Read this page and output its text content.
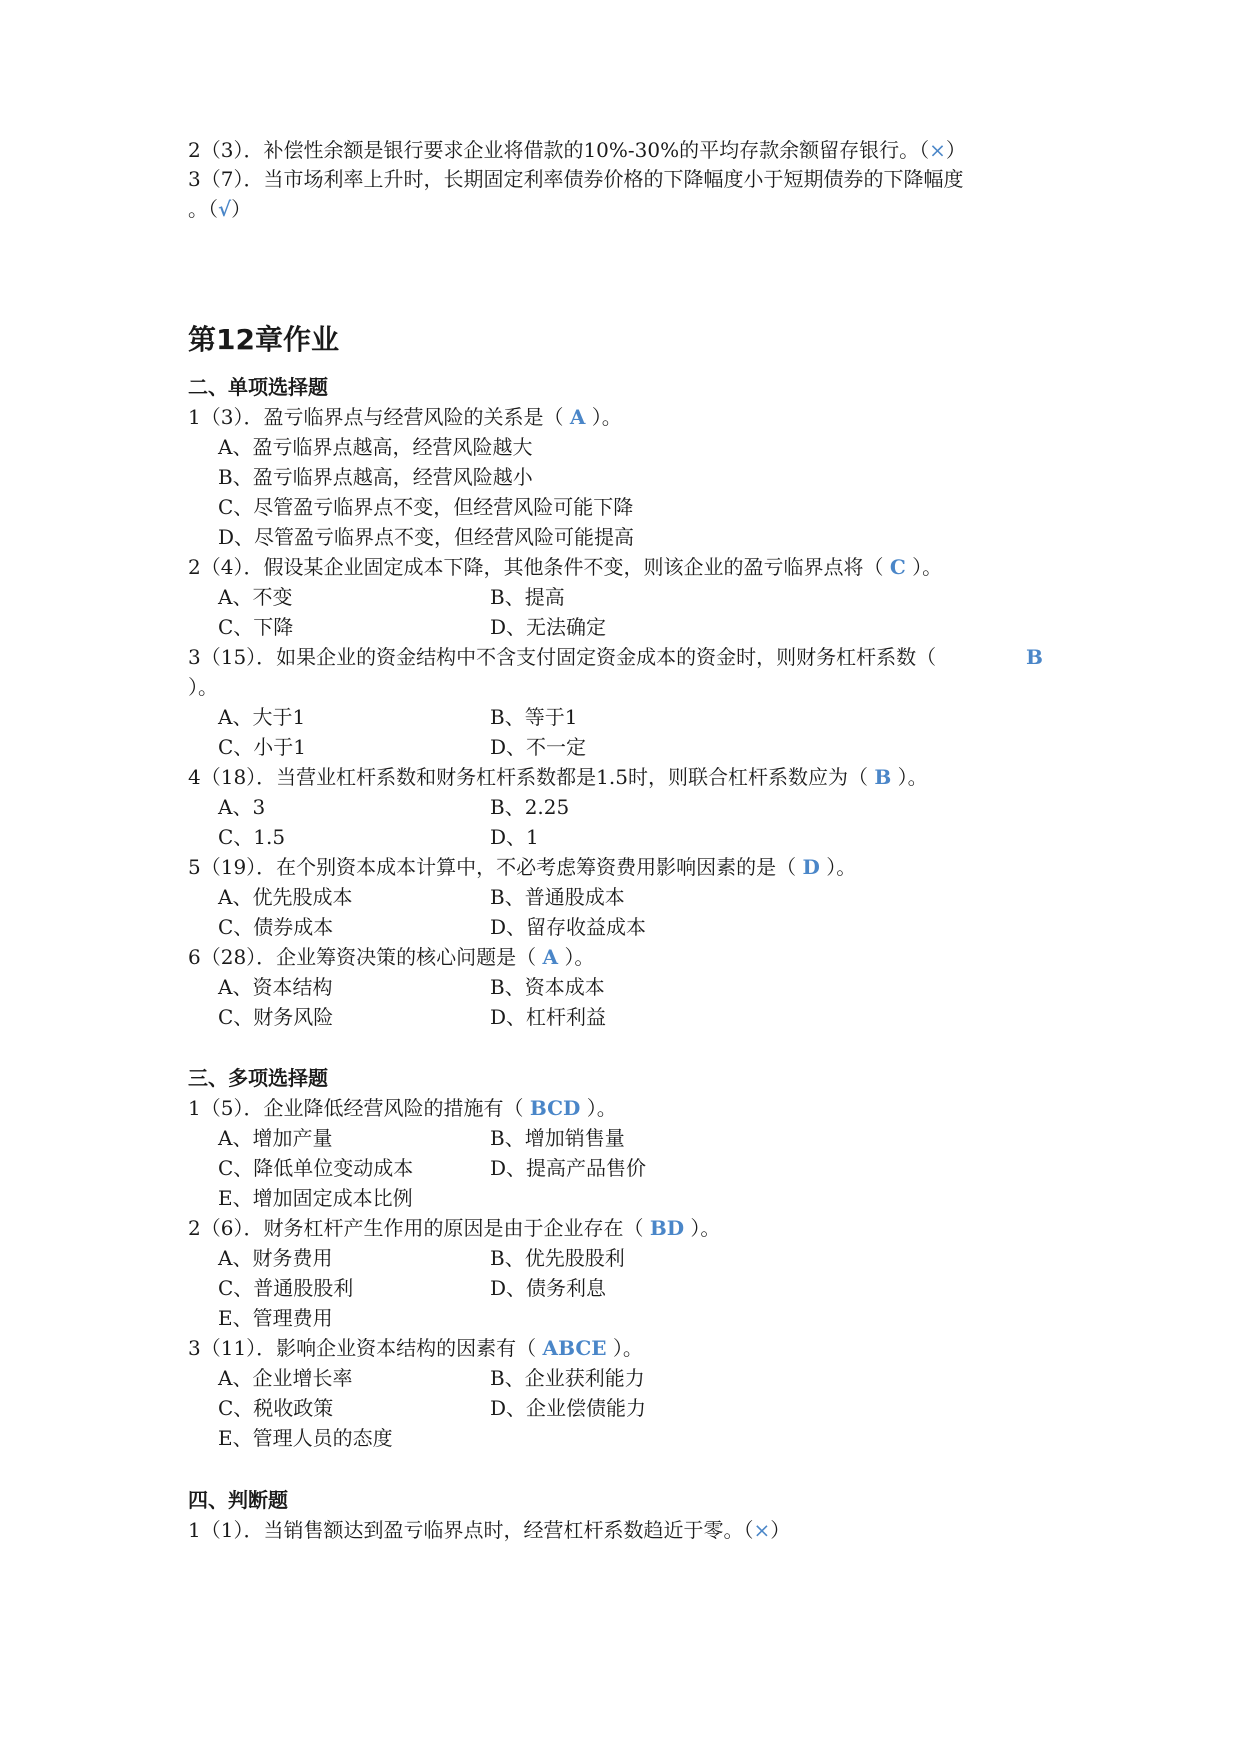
2（3）．补偿性余额是银行要求企业将借款的10%-30%的平均存款余额留存银行。（×）
3（7）．当市场利率上升时，长期固定利率债券价格的下降幅度小于短期债券的下降幅度
。（√）
第12章作业
二、单项选择题
1（3）．盈亏临界点与经营风险的关系是（ A ）。
A、盈亏临界点越高，经营风险越大
B、盈亏临界点越高，经营风险越小
C、尽管盈亏临界点不变，但经营风险可能下降
D、尽管盈亏临界点不变，但经营风险可能提高
2（4）．假设某企业固定成本下降，其他条件不变，则该企业的盈亏临界点将（ C ）。
A、不变	B、提高
C、下降	D、无法确定
3（15）．如果企业的资金结构中不含支付固定资金成本的资金时，则财务杠杆系数（	B
）。
A、大于1	B、等于1
C、小于1	D、不一定
4（18）．当营业杠杆系数和财务杠杆系数都是1.5时，则联合杠杆系数应为（ B ）。
A、3	B、2.25
C、1.5	D、1
5（19）．在个别资本成本计算中，不必考虑筹资费用影响因素的是（ D ）。
A、优先股成本	B、普通股成本
C、债券成本	D、留存收益成本
6（28）．企业筹资决策的核心问题是（ A ）。
A、资本结构	B、资本成本
C、财务风险	D、杠杆利益
三、多项选择题
1（5）．企业降低经营风险的措施有（ BCD ）。
A、增加产量	B、增加销售量
C、降低单位变动成本	D、提高产品售价
E、增加固定成本比例
2（6）．财务杠杆产生作用的原因是由于企业存在（ BD ）。
A、财务费用	B、优先股股利
C、普通股股利	D、债务利息
E、管理费用
3（11）．影响企业资本结构的因素有（ ABCE ）。
A、企业增长率	B、企业获利能力
C、税收政策	D、企业偿债能力
E、管理人员的态度
四、判断题
1（1）．当销售额达到盈亏临界点时，经营杠杆系数趋近于零。（×）
